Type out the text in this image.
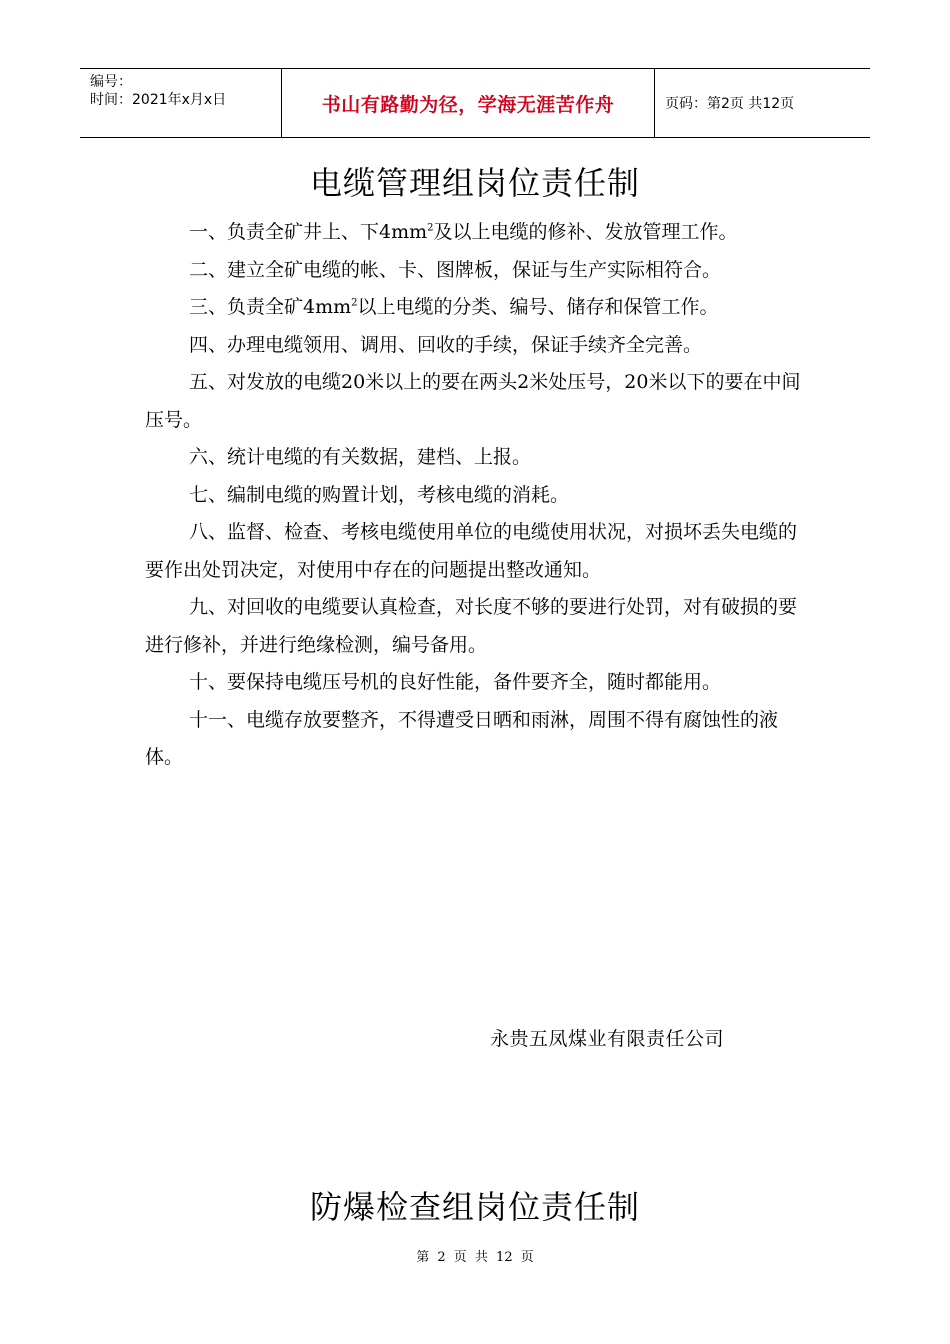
编号：
时间：2021年x月x日	书山有路勤为径，学海无涯苦作舟	页码：第2页 共12页
电缆管理组岗位责任制

一、负责全矿井上、下$4mm^2$及以上电缆的修补、发放管理工作。

二、建立全矿电缆的帐、卡、图牌板，保证与生产实际相符合。

三、负责全矿$4mm^2$以上电缆的分类、编号、储存和保管工作。

四、办理电缆领用、调用、回收的手续，保证手续齐全完善。

五、对发放的电缆20米以上的要在两头2米处压号，20米以下的要在中间压号。

六、统计电缆的有关数据，建档、上报。

七、编制电缆的购置计划，考核电缆的消耗。

八、监督、检查、考核电缆使用单位的电缆使用状况，对损坏丢失电缆的要作出处罚决定，对使用中存在的问题提出整改通知。

九、对回收的电缆要认真检查，对长度不够的要进行处罚，对有破损的要进行修补，并进行绝缘检测，编号备用。

十、要保持电缆压号机的良好性能，备件要齐全，随时都能用。

十一、电缆存放要整齐，不得遭受日晒和雨淋，周围不得有腐蚀性的液体。

永贵五凤煤业有限责任公司
防爆检查组岗位责任制
第 2 页 共 12 页
